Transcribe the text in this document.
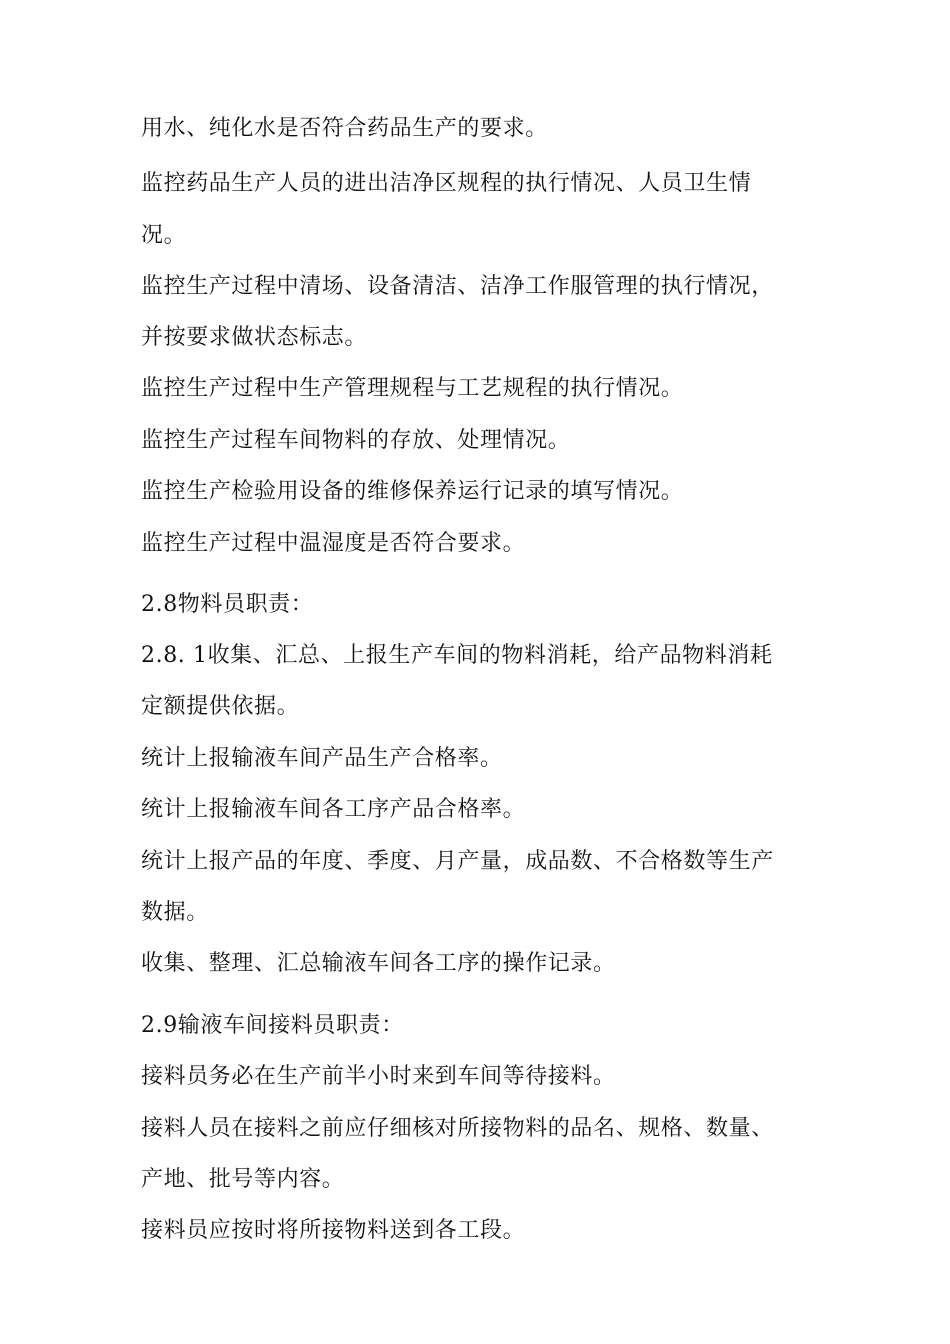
用水、纯化水是否符合药品生产的要求。
监控药品生产人员的进出洁净区规程的执行情况、人员卫生情
况。
监控生产过程中清场、设备清洁、洁净工作服管理的执行情况，
并按要求做状态标志。
监控生产过程中生产管理规程与工艺规程的执行情况。
监控生产过程车间物料的存放、处理情况。
监控生产检验用设备的维修保养运行记录的填写情况。
监控生产过程中温湿度是否符合要求。
2.8物料员职责：
2.8. 1收集、汇总、上报生产车间的物料消耗，给产品物料消耗
定额提供依据。
统计上报输液车间产品生产合格率。
统计上报输液车间各工序产品合格率。
统计上报产品的年度、季度、月产量，成品数、不合格数等生产
数据。
收集、整理、汇总输液车间各工序的操作记录。
2.9输液车间接料员职责：
接料员务必在生产前半小时来到车间等待接料。
接料人员在接料之前应仔细核对所接物料的品名、规格、数量、
产地、批号等内容。
接料员应按时将所接物料送到各工段。
